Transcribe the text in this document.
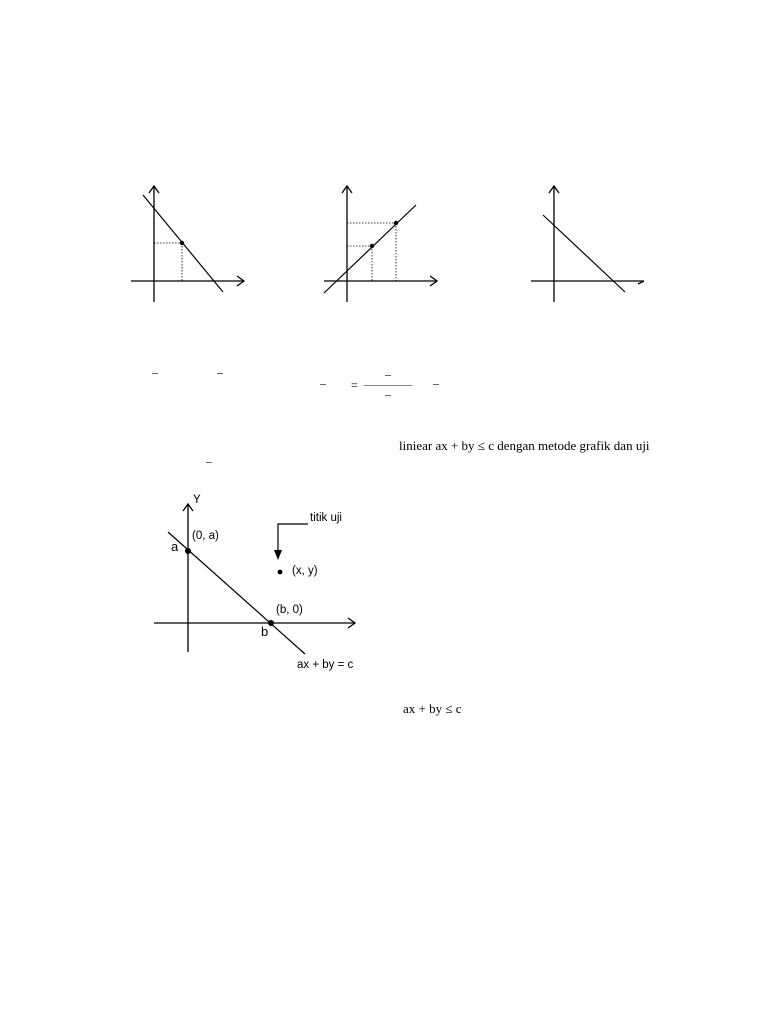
–	–
– =
–
–
–
liniear ax + by ≤ c dengan metode grafik dan uji
–
Y
titik uji
(0, a)
a
(x, y)
(b, 0)
b
ax + by = c
ax + by ≤ c
